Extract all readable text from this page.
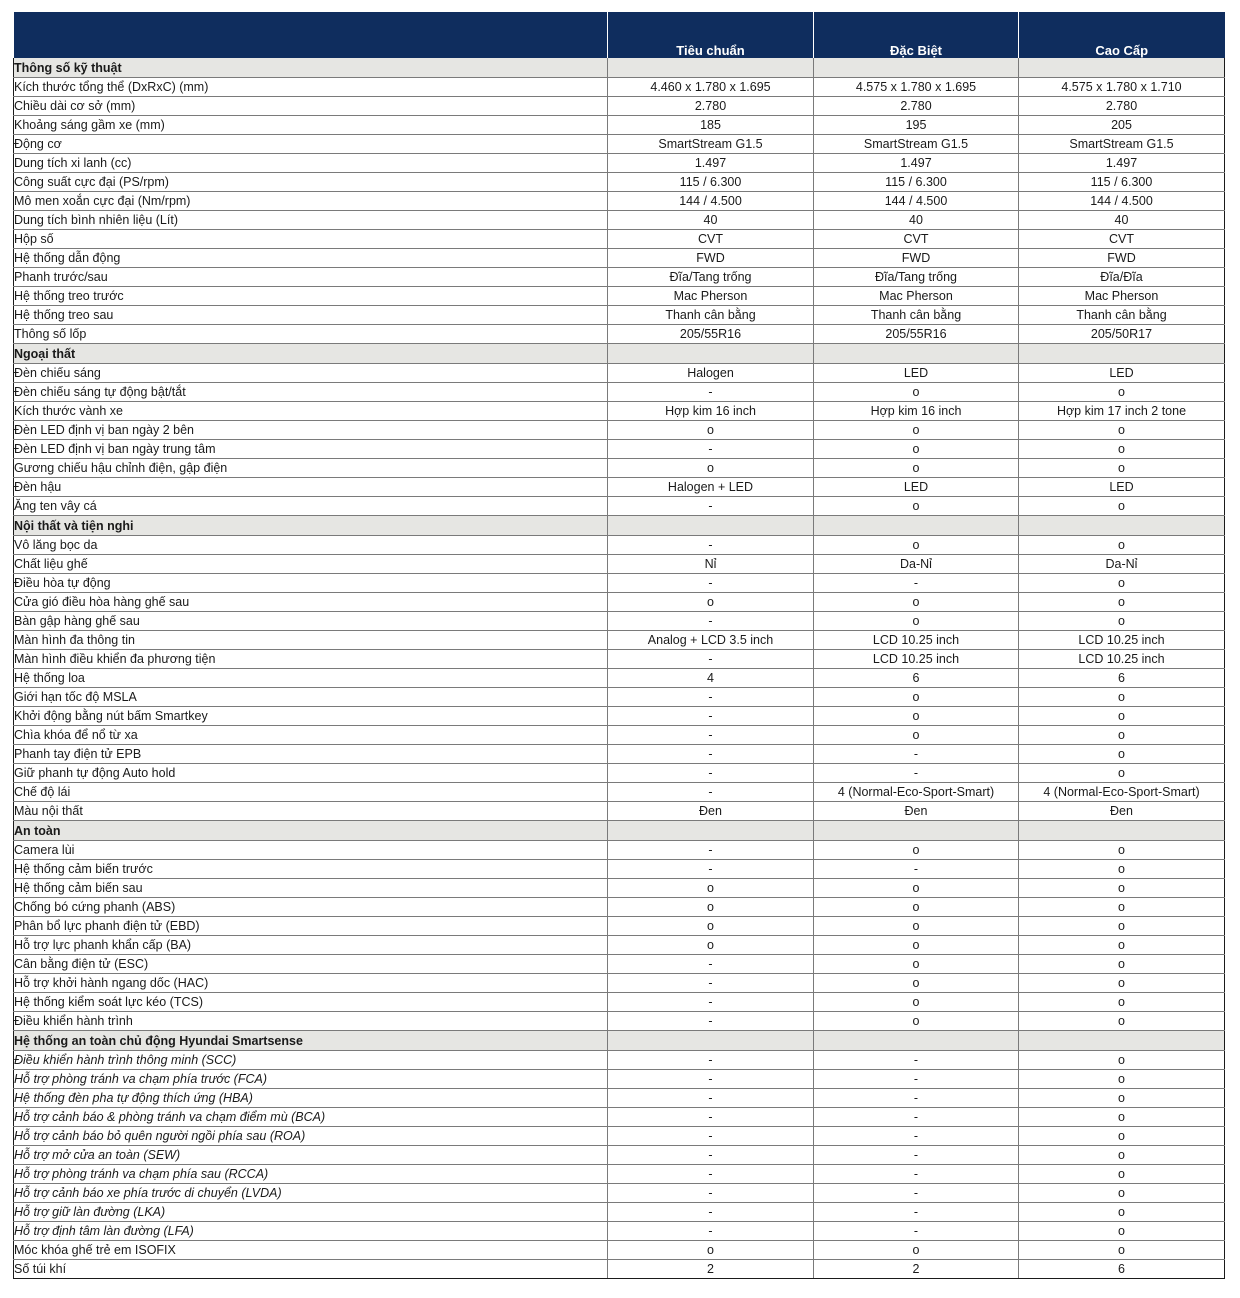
	Tiêu chuẩn	Đặc Biệt	Cao Cấp
Thông số kỹ thuật			
Kích thước tổng thể (DxRxC) (mm)	4.460 x 1.780 x 1.695	4.575 x 1.780 x 1.695	4.575 x 1.780 x 1.710
Chiều dài cơ sở (mm)	2.780	2.780	2.780
Khoảng sáng gầm xe (mm)	185	195	205
Động cơ	SmartStream G1.5	SmartStream G1.5	SmartStream G1.5
Dung tích xi lanh (cc)	1.497	1.497	1.497
Công suất cực đại (PS/rpm)	115 / 6.300	115 / 6.300	115 / 6.300
Mô men xoắn cực đại (Nm/rpm)	144 / 4.500	144 / 4.500	144 / 4.500
Dung tích bình nhiên liệu (Lít)	40	40	40
Hộp số	CVT	CVT	CVT
Hệ thống dẫn động	FWD	FWD	FWD
Phanh trước/sau	Đĩa/Tang trống	Đĩa/Tang trống	Đĩa/Đĩa
Hệ thống treo trước	Mac Pherson	Mac Pherson	Mac Pherson
Hệ thống treo sau	Thanh cân bằng	Thanh cân bằng	Thanh cân bằng
Thông số lốp	205/55R16	205/55R16	205/50R17
Ngoại thất			
Đèn chiếu sáng	Halogen	LED	LED
Đèn chiếu sáng tự động bật/tắt	-	o	o
Kích thước vành xe	Hợp kim 16 inch	Hợp kim 16 inch	Hợp kim 17 inch 2 tone
Đèn LED định vị ban ngày 2 bên	o	o	o
Đèn LED định vị ban ngày trung tâm	-	o	o
Gương chiếu hậu chỉnh điện, gập điện	o	o	o
Đèn hậu	Halogen + LED	LED	LED
Ăng ten vây cá	-	o	o
Nội thất và tiện nghi			
Vô lăng bọc da	-	o	o
Chất liệu ghế	Nỉ	Da-Nỉ	Da-Nỉ
Điều hòa tự động	-	-	o
Cửa gió điều hòa hàng ghế sau	o	o	o
Bàn gập hàng ghế sau	-	o	o
Màn hình đa thông tin	Analog + LCD 3.5 inch	LCD 10.25 inch	LCD 10.25 inch
Màn hình điều khiển đa phương tiện	-	LCD 10.25 inch	LCD 10.25 inch
Hệ thống loa	4	6	6
Giới hạn tốc độ MSLA	-	o	o
Khởi động bằng nút bấm Smartkey	-	o	o
Chìa khóa để nổ từ xa	-	o	o
Phanh tay điện tử EPB	-	-	o
Giữ phanh tự động Auto hold	-	-	o
Chế độ lái	-	4 (Normal-Eco-Sport-Smart)	4 (Normal-Eco-Sport-Smart)
Màu nội thất	Đen	Đen	Đen
An toàn			
Camera lùi	-	o	o
Hệ thống cảm biến trước	-	-	o
Hệ thống cảm biến sau	o	o	o
Chống bó cứng phanh (ABS)	o	o	o
Phân bổ lực phanh điện tử (EBD)	o	o	o
Hỗ trợ lực phanh khẩn cấp (BA)	o	o	o
Cân bằng điện tử (ESC)	-	o	o
Hỗ trợ khởi hành ngang dốc (HAC)	-	o	o
Hệ thống kiểm soát lực kéo (TCS)	-	o	o
Điều khiển hành trình	-	o	o
Hệ thống an toàn chủ động Hyundai Smartsense			
Điều khiển hành trình thông minh (SCC)	-	-	o
Hỗ trợ phòng tránh va chạm phía trước (FCA)	-	-	o
Hệ thống đèn pha tự động thích ứng (HBA)	-	-	o
Hỗ trợ cảnh báo & phòng tránh va chạm điểm mù (BCA)	-	-	o
Hỗ trợ cảnh báo bỏ quên người ngồi phía sau (ROA)	-	-	o
Hỗ trợ mở cửa an toàn (SEW)	-	-	o
Hỗ trợ phòng tránh va chạm phía sau (RCCA)	-	-	o
Hỗ trợ cảnh báo xe phía trước di chuyển (LVDA)	-	-	o
Hỗ trợ giữ làn đường (LKA)	-	-	o
Hỗ trợ định tâm làn đường (LFA)	-	-	o
Móc khóa ghế trẻ em ISOFIX	o	o	o
Số túi khí	2	2	6
